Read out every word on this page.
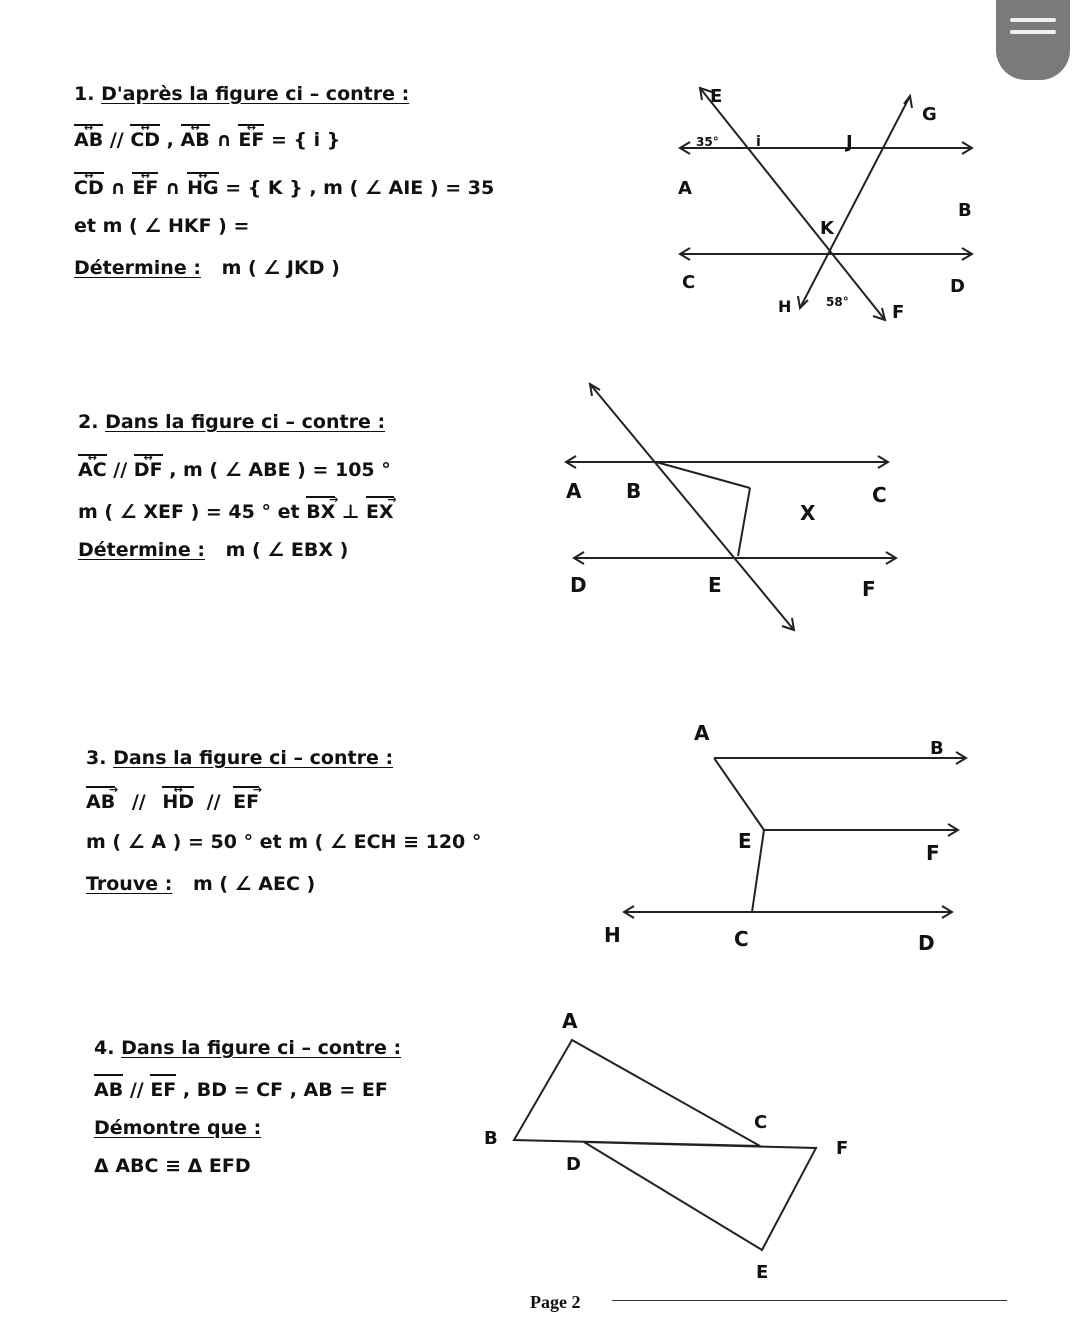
1. D'après la figure ci – contre :
AB ↔ // CD ↔ , AB ↔ ∩ EF ↔ = { i }
CD ↔ ∩ EF ↔ ∩ HG ↔ = { K } , m ( ∠ AIE ) = 35
et m ( ∠ HKF ) =
Détermine : m ( ∠ JKD )
E
G
35°	i	J
A
B
K
C	D
H	58° F
2. Dans la figure ci – contre :
AC ↔ // DF ↔ , m ( ∠ ABE ) = 105 °
m ( ∠ XEF ) = 45 ° et BX → ⊥ EX →
Détermine : m ( ∠ EBX )
A B
X
C
D	E	F
3. Dans la figure ci – contre :
AB → // HD ↔ // EF →
m ( ∠ A ) = 50 ° et m ( ∠ ECH ≡ 120 °
Trouve : m ( ∠ AEC )
A
B
E	F
H	C	D
4. Dans la figure ci – contre :
AB // EF , BD = CF , AB = EF
Démontre que :
Δ ABC ≡ Δ EFD
A
C
B	F
D
E
Page 2
